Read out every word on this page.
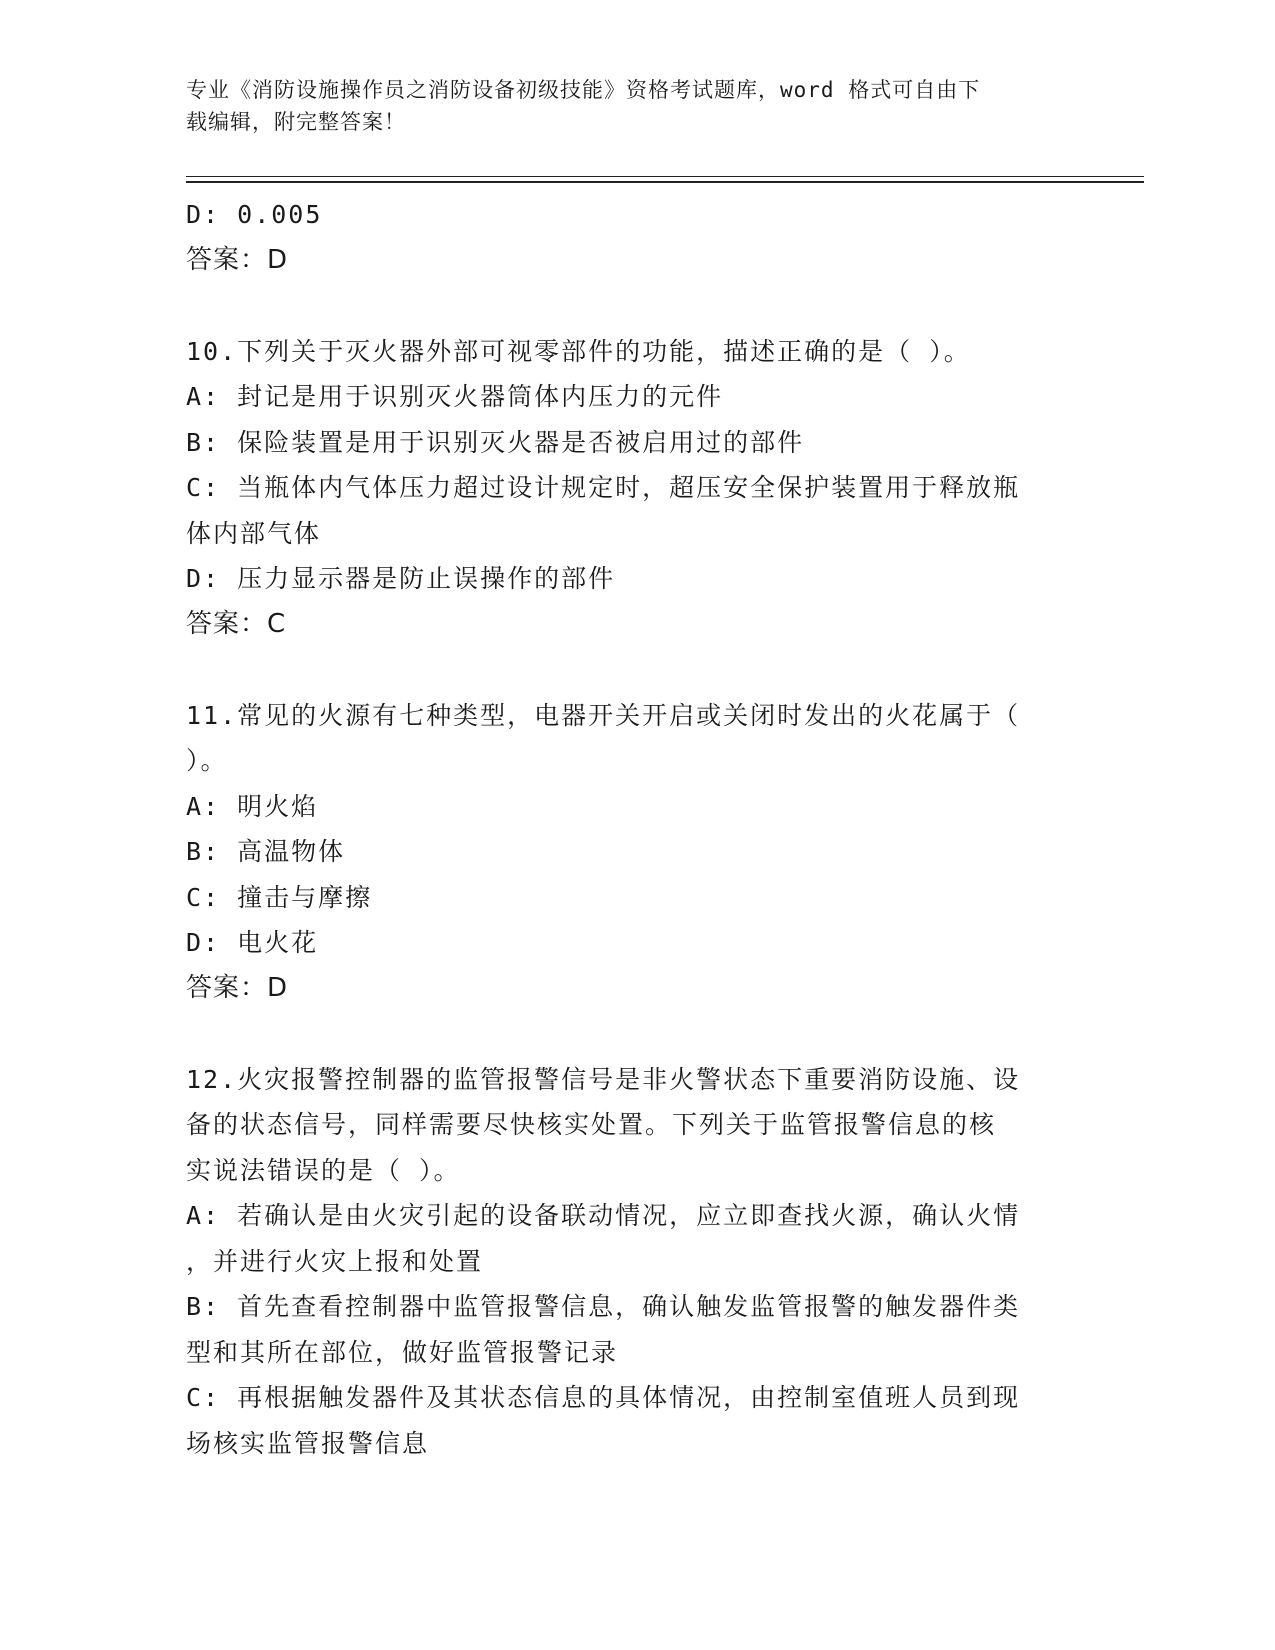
专业《消防设施操作员之消防设备初级技能》资格考试题库，word 格式可自由下
载编辑，附完整答案！
D: 0.005
答案：D
10.下列关于灭火器外部可视零部件的功能，描述正确的是（ ）。
A: 封记是用于识别灭火器筒体内压力的元件
B: 保险装置是用于识别灭火器是否被启用过的部件
C: 当瓶体内气体压力超过设计规定时，超压安全保护装置用于释放瓶
体内部气体
D: 压力显示器是防止误操作的部件
答案：C
11.常见的火源有七种类型，电器开关开启或关闭时发出的火花属于（
）。
A: 明火焰
B: 高温物体
C: 撞击与摩擦
D: 电火花
答案：D
12.火灾报警控制器的监管报警信号是非火警状态下重要消防设施、设
备的状态信号，同样需要尽快核实处置。下列关于监管报警信息的核
实说法错误的是（ ）。
A: 若确认是由火灾引起的设备联动情况，应立即查找火源，确认火情
，并进行火灾上报和处置
B: 首先查看控制器中监管报警信息，确认触发监管报警的触发器件类
型和其所在部位，做好监管报警记录
C: 再根据触发器件及其状态信息的具体情况，由控制室值班人员到现
场核实监管报警信息
